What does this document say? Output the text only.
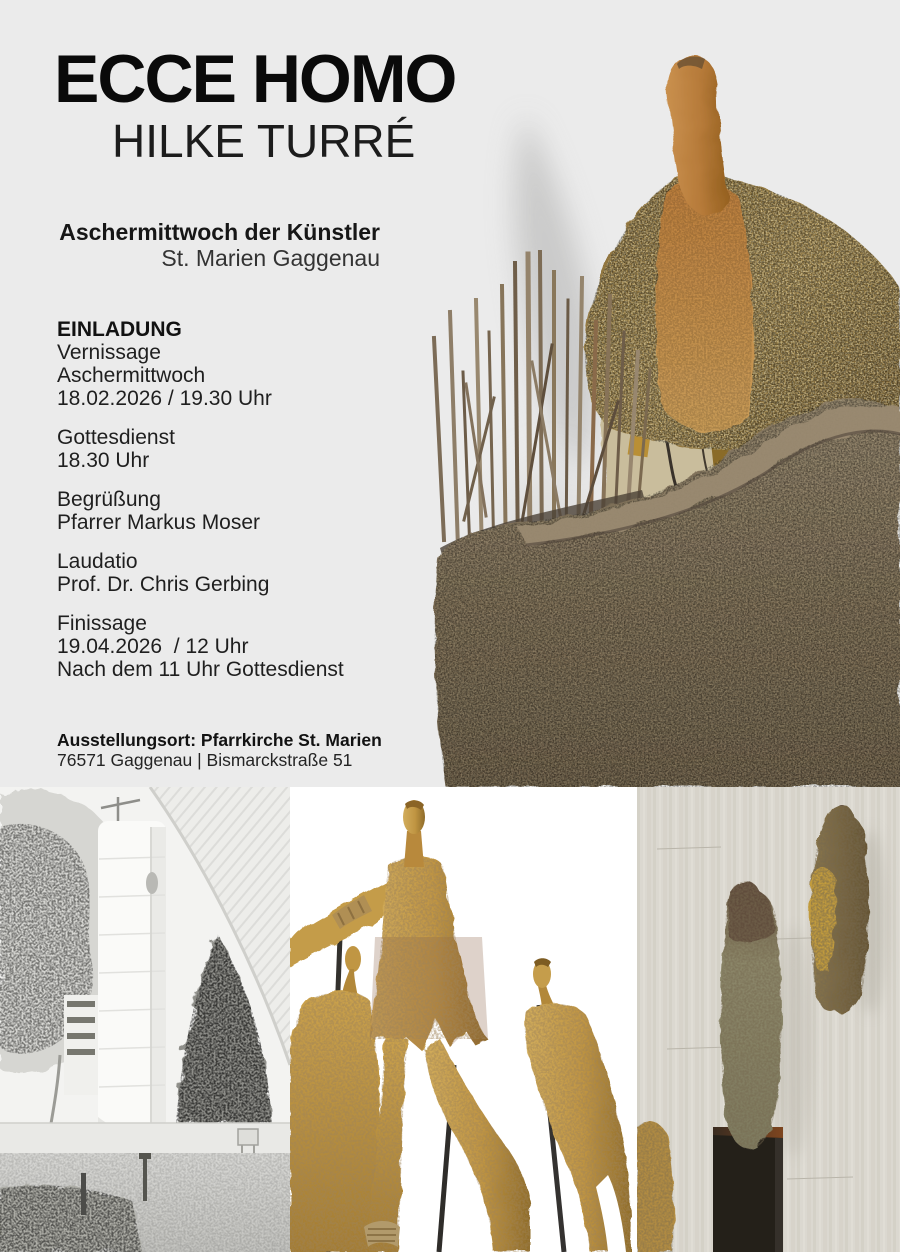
ECCE HOMO
HILKE TURRÉ
Aschermittwoch der Künstler
St. Marien Gaggenau
EINLADUNG
Vernissage
Aschermittwoch
18.02.2026 / 19.30 Uhr
Gottesdienst
18.30 Uhr
Begrüßung
Pfarrer Markus Moser
Laudatio
Prof. Dr. Chris Gerbing
Finissage
19.04.2026  / 12 Uhr
Nach dem 11 Uhr Gottesdienst
Ausstellungsort: Pfarrkirche St. Marien
76571 Gaggenau | Bismarckstraße 51
